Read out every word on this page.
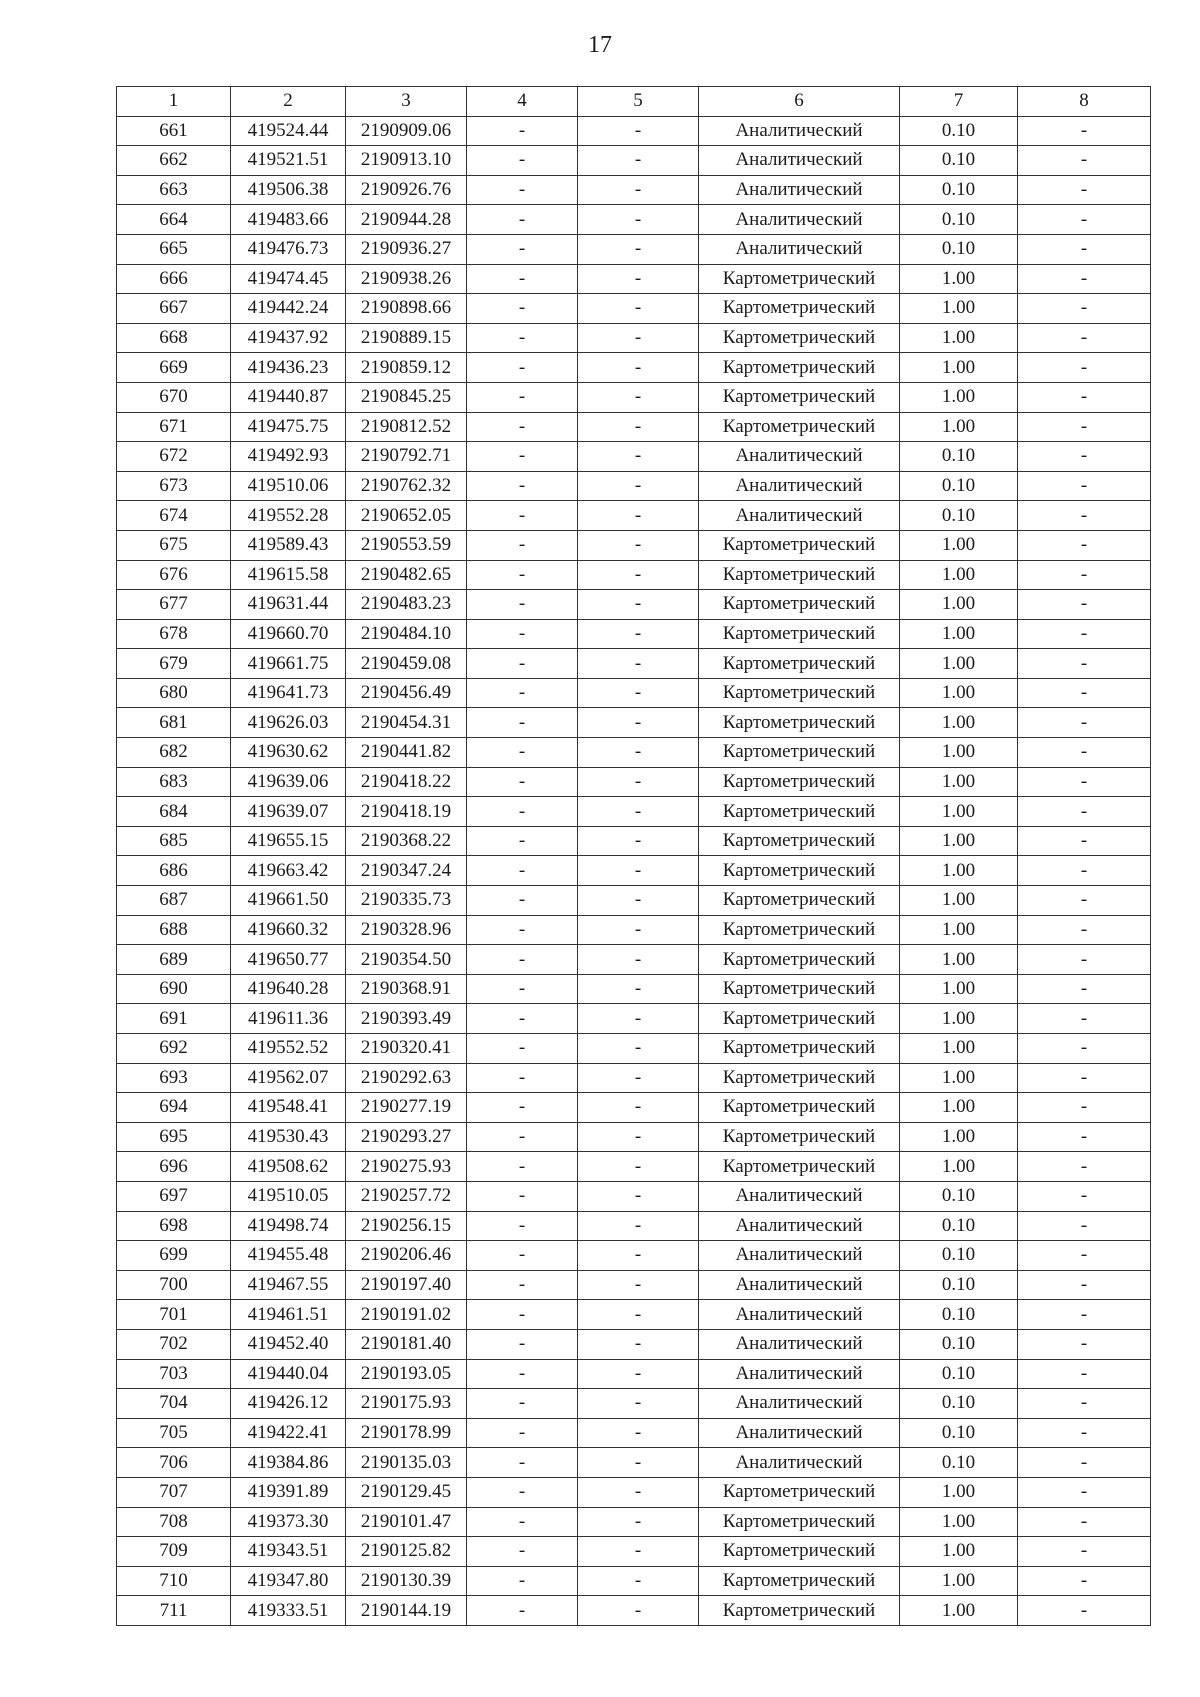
17
1	2	3	4	5	6	7	8
661	419524.44	2190909.06	-	-	Аналитический	0.10	-
662	419521.51	2190913.10	-	-	Аналитический	0.10	-
663	419506.38	2190926.76	-	-	Аналитический	0.10	-
664	419483.66	2190944.28	-	-	Аналитический	0.10	-
665	419476.73	2190936.27	-	-	Аналитический	0.10	-
666	419474.45	2190938.26	-	-	Картометрический	1.00	-
667	419442.24	2190898.66	-	-	Картометрический	1.00	-
668	419437.92	2190889.15	-	-	Картометрический	1.00	-
669	419436.23	2190859.12	-	-	Картометрический	1.00	-
670	419440.87	2190845.25	-	-	Картометрический	1.00	-
671	419475.75	2190812.52	-	-	Картометрический	1.00	-
672	419492.93	2190792.71	-	-	Аналитический	0.10	-
673	419510.06	2190762.32	-	-	Аналитический	0.10	-
674	419552.28	2190652.05	-	-	Аналитический	0.10	-
675	419589.43	2190553.59	-	-	Картометрический	1.00	-
676	419615.58	2190482.65	-	-	Картометрический	1.00	-
677	419631.44	2190483.23	-	-	Картометрический	1.00	-
678	419660.70	2190484.10	-	-	Картометрический	1.00	-
679	419661.75	2190459.08	-	-	Картометрический	1.00	-
680	419641.73	2190456.49	-	-	Картометрический	1.00	-
681	419626.03	2190454.31	-	-	Картометрический	1.00	-
682	419630.62	2190441.82	-	-	Картометрический	1.00	-
683	419639.06	2190418.22	-	-	Картометрический	1.00	-
684	419639.07	2190418.19	-	-	Картометрический	1.00	-
685	419655.15	2190368.22	-	-	Картометрический	1.00	-
686	419663.42	2190347.24	-	-	Картометрический	1.00	-
687	419661.50	2190335.73	-	-	Картометрический	1.00	-
688	419660.32	2190328.96	-	-	Картометрический	1.00	-
689	419650.77	2190354.50	-	-	Картометрический	1.00	-
690	419640.28	2190368.91	-	-	Картометрический	1.00	-
691	419611.36	2190393.49	-	-	Картометрический	1.00	-
692	419552.52	2190320.41	-	-	Картометрический	1.00	-
693	419562.07	2190292.63	-	-	Картометрический	1.00	-
694	419548.41	2190277.19	-	-	Картометрический	1.00	-
695	419530.43	2190293.27	-	-	Картометрический	1.00	-
696	419508.62	2190275.93	-	-	Картометрический	1.00	-
697	419510.05	2190257.72	-	-	Аналитический	0.10	-
698	419498.74	2190256.15	-	-	Аналитический	0.10	-
699	419455.48	2190206.46	-	-	Аналитический	0.10	-
700	419467.55	2190197.40	-	-	Аналитический	0.10	-
701	419461.51	2190191.02	-	-	Аналитический	0.10	-
702	419452.40	2190181.40	-	-	Аналитический	0.10	-
703	419440.04	2190193.05	-	-	Аналитический	0.10	-
704	419426.12	2190175.93	-	-	Аналитический	0.10	-
705	419422.41	2190178.99	-	-	Аналитический	0.10	-
706	419384.86	2190135.03	-	-	Аналитический	0.10	-
707	419391.89	2190129.45	-	-	Картометрический	1.00	-
708	419373.30	2190101.47	-	-	Картометрический	1.00	-
709	419343.51	2190125.82	-	-	Картометрический	1.00	-
710	419347.80	2190130.39	-	-	Картометрический	1.00	-
711	419333.51	2190144.19	-	-	Картометрический	1.00	-
